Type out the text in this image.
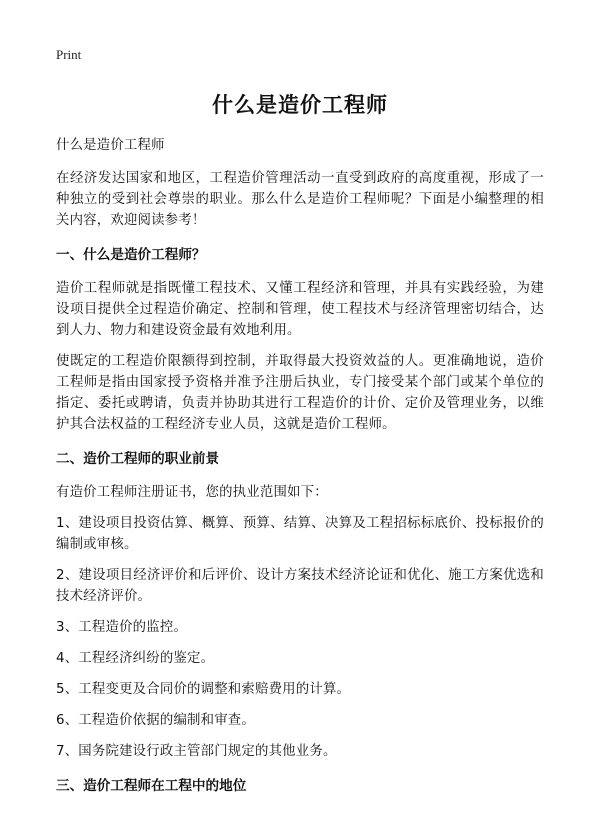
Print
什么是造价工程师

什么是造价工程师

在经济发达国家和地区，工程造价管理活动一直受到政府的高度重视，形成了一种独立的受到社会尊崇的职业。那么什么是造价工程师呢？下面是小编整理的相关内容，欢迎阅读参考！

一、什么是造价工程师？

造价工程师就是指既懂工程技术、又懂工程经济和管理，并具有实践经验，为建设项目提供全过程造价确定、控制和管理，使工程技术与经济管理密切结合，达到人力、物力和建设资金最有效地利用。

使既定的工程造价限额得到控制，并取得最大投资效益的人。更准确地说，造价工程师是指由国家授予资格并准予注册后执业，专门接受某个部门或某个单位的指定、委托或聘请，负责并协助其进行工程造价的计价、定价及管理业务，以维护其合法权益的工程经济专业人员，这就是造价工程师。

二、造价工程师的职业前景

有造价工程师注册证书，您的执业范围如下：

1、建设项目投资估算、概算、预算、结算、决算及工程招标标底价、投标报价的编制或审核。

2、建设项目经济评价和后评价、设计方案技术经济论证和优化、施工方案优选和技术经济评价。

3、工程造价的监控。

4、工程经济纠纷的鉴定。

5、工程变更及合同价的调整和索赔费用的计算。

6、工程造价依据的编制和审查。

7、国务院建设行政主管部门规定的其他业务。

三、造价工程师在工程中的地位
